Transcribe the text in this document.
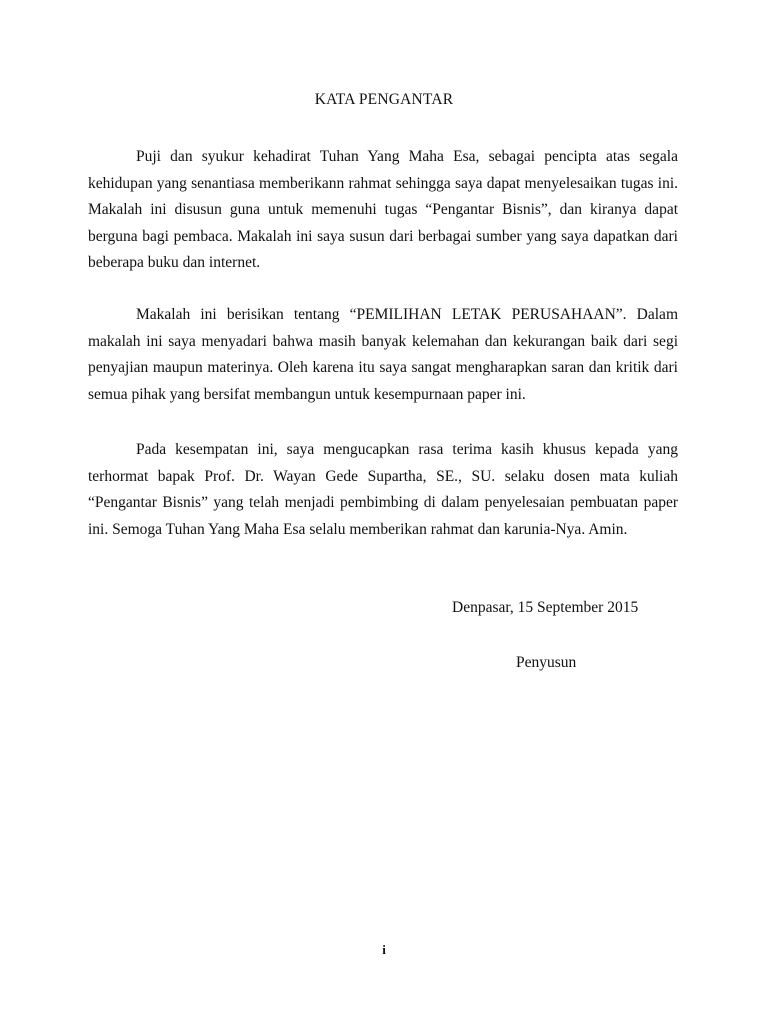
KATA PENGANTAR

Puji dan syukur kehadirat Tuhan Yang Maha Esa, sebagai pencipta atas segala kehidupan yang senantiasa memberikann rahmat sehingga saya dapat menyelesaikan tugas ini. Makalah ini disusun guna untuk memenuhi tugas “Pengantar Bisnis”, dan kiranya dapat berguna bagi pembaca. Makalah ini saya susun dari berbagai sumber yang saya dapatkan dari beberapa buku dan internet.

Makalah ini berisikan tentang “PEMILIHAN LETAK PERUSAHAAN”. Dalam makalah ini saya menyadari bahwa masih banyak kelemahan dan kekurangan baik dari segi penyajian maupun materinya. Oleh karena itu saya sangat mengharapkan saran dan kritik dari semua pihak yang bersifat membangun untuk kesempurnaan paper ini.

Pada kesempatan ini, saya mengucapkan rasa terima kasih khusus kepada yang terhormat bapak Prof. Dr. Wayan Gede Supartha, SE., SU. selaku dosen mata kuliah “Pengantar Bisnis” yang telah menjadi pembimbing di dalam penyelesaian pembuatan paper ini. Semoga Tuhan Yang Maha Esa selalu memberikan rahmat dan karunia-Nya. Amin.

Denpasar, 15 September 2015
Penyusun
i
